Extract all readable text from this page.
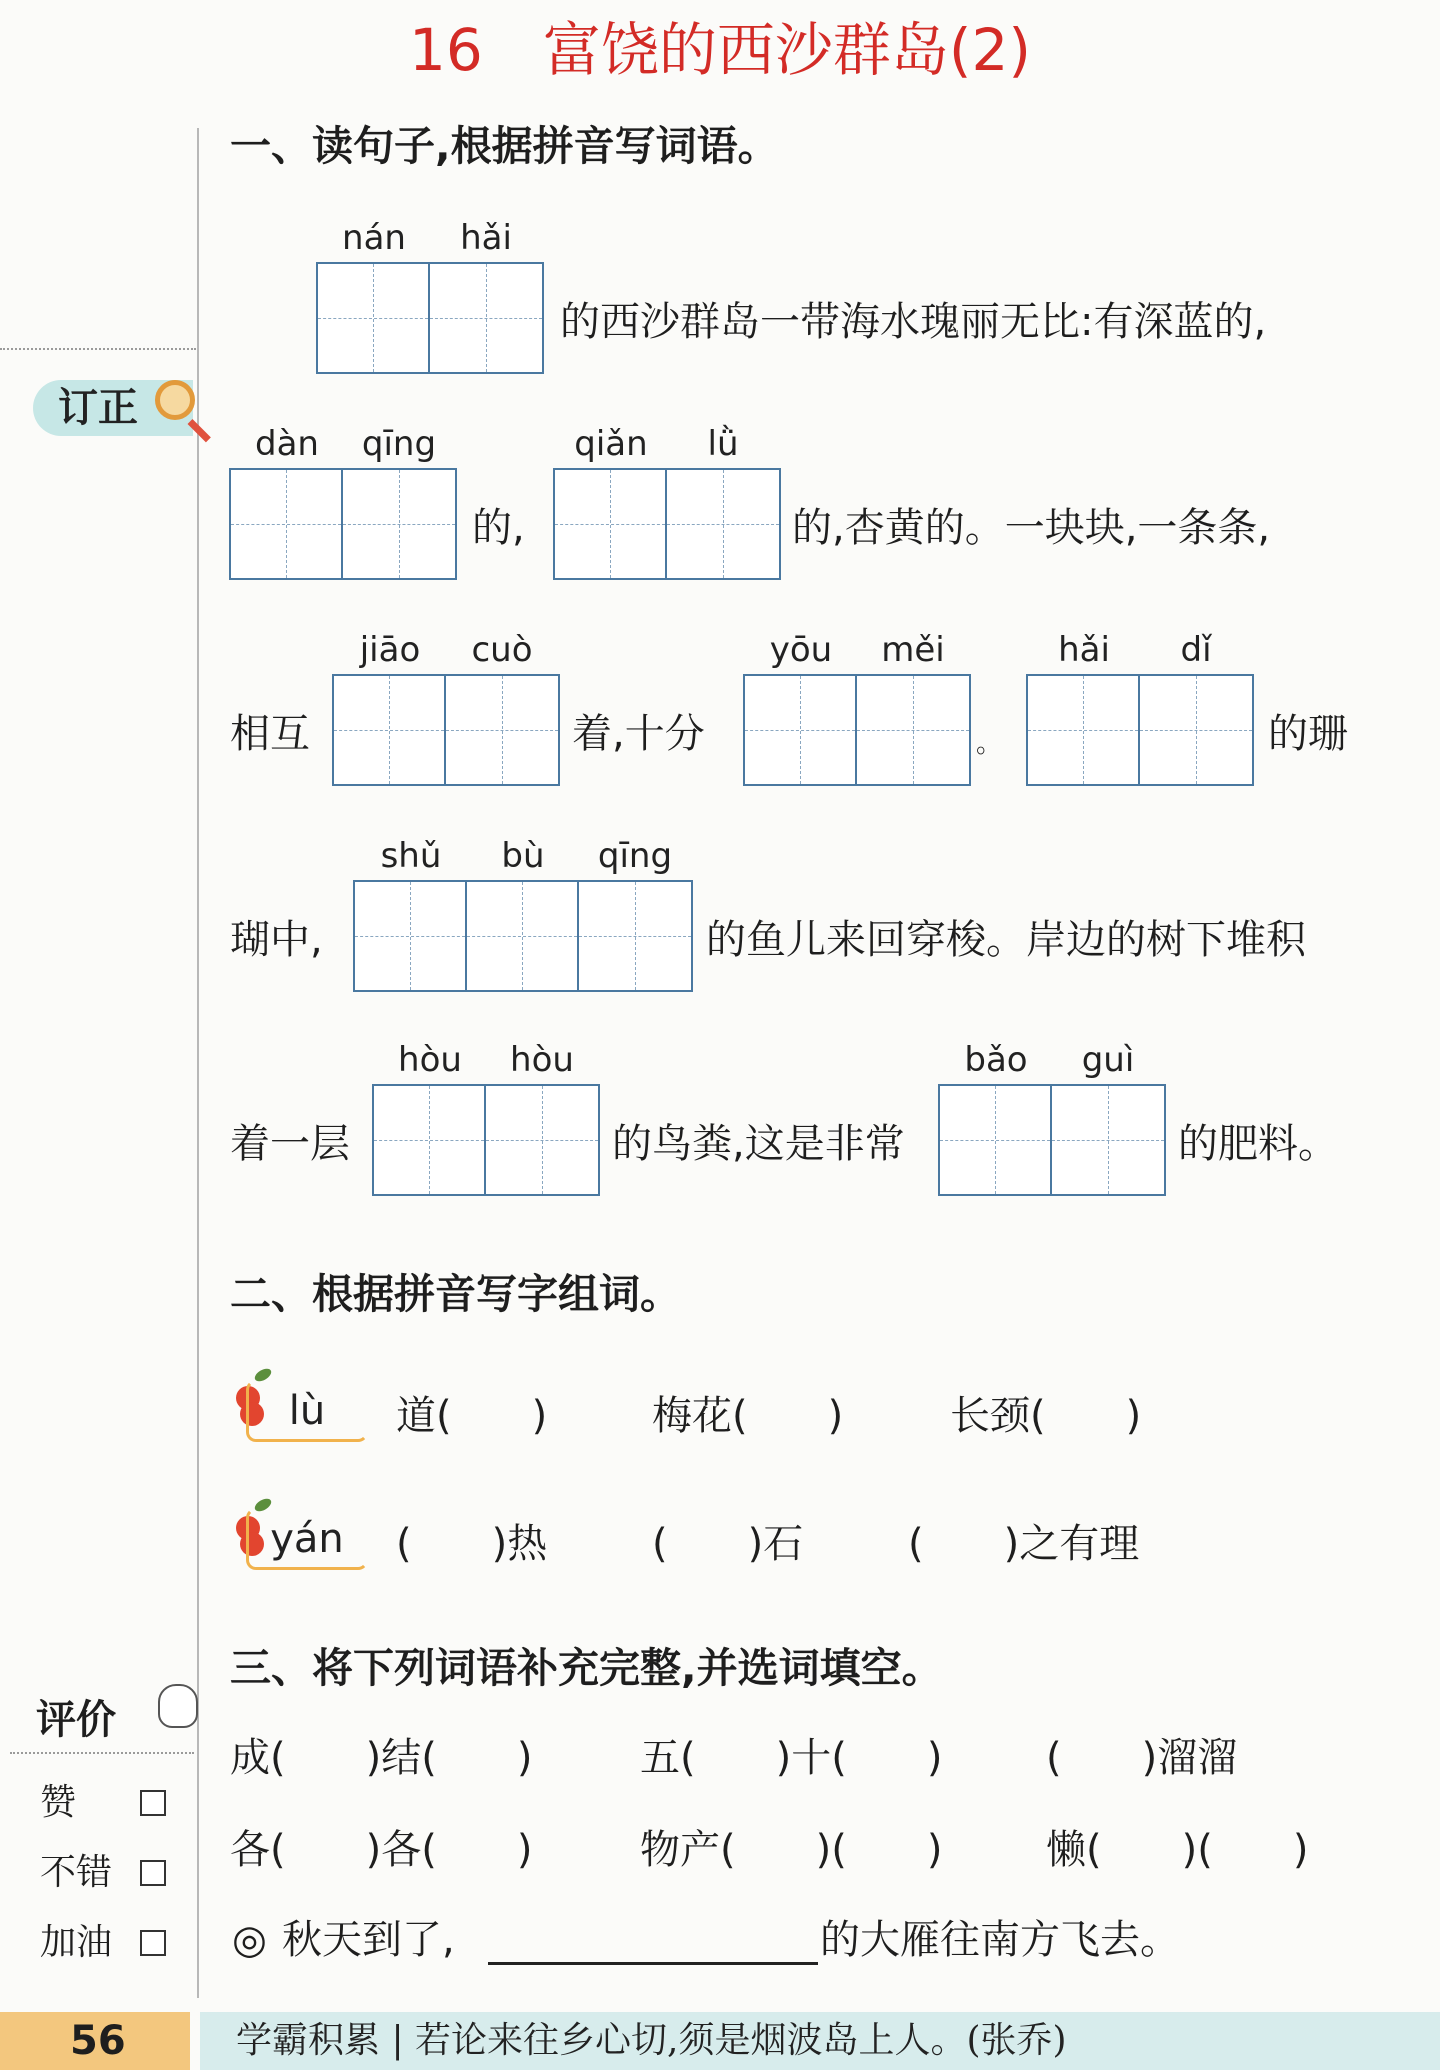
16 富饶的西沙群岛(2)
订正
一、读句子,根据拼音写词语。
nán	hǎi
的西沙群岛一带海水瑰丽无比:有深蓝的,
dàn	qīng
的,
qiǎn	lǜ
的,杏黄的。一块块,一条条,
相互
jiāo	cuò
着,十分
yōu	měi
。
hǎi	dǐ
的珊
瑚中,
shǔ	bù	qīng
的鱼儿来回穿梭。岸边的树下堆积
着一层
hòu	hòu
的鸟粪,这是非常
bǎo	guì
的肥料。
二、根据拼音写字组词。
lù	道(　　)	梅花(　　)	长颈(　　)
yán	(　　)热	(　　)石	(　　)之有理
三、将下列词语补充完整,并选词填空。
成(　　)结(　　)	五(　　)十(　　)	(　　)溜溜
各(　　)各(　　)	物产(　　)(　　)	懒(　　)(　　)
◎ 秋天到了,	的大雁往南方飞去。
评价
赞
不错
加油
56	学霸积累 | 若论来往乡心切,须是烟波岛上人。(张乔)
